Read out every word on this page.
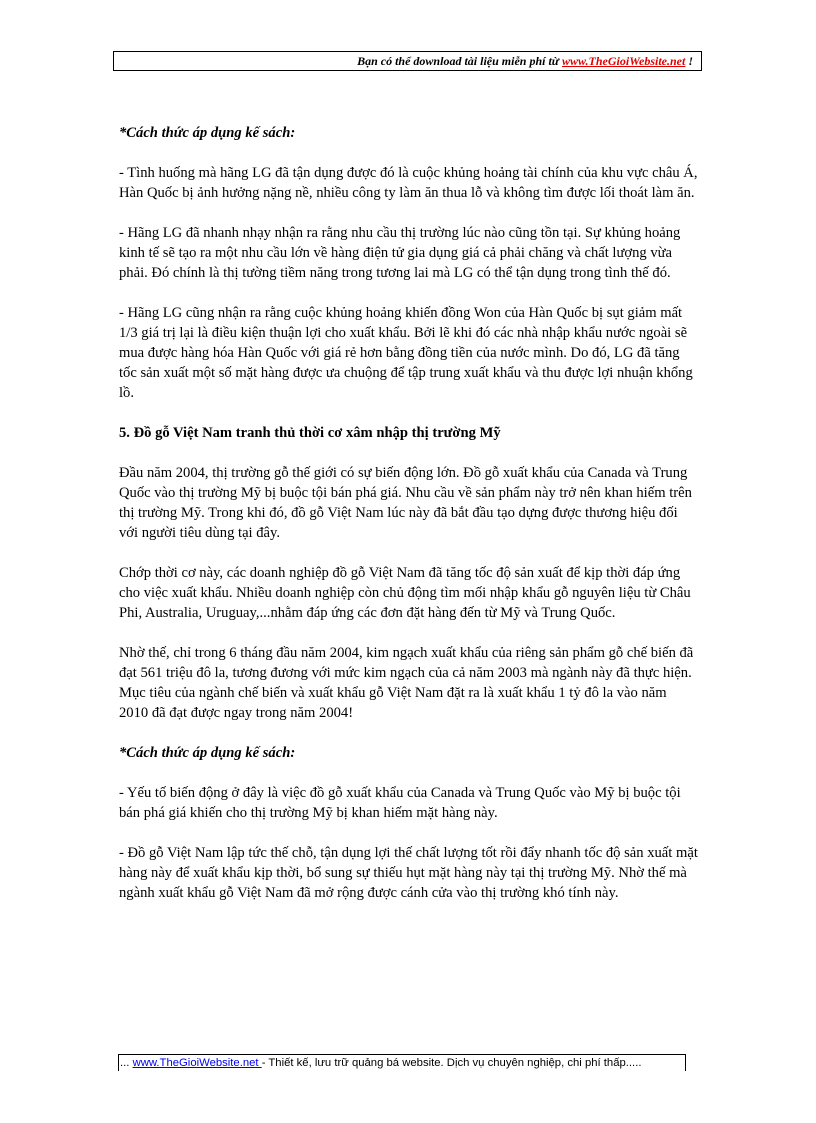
Bạn có thể download tài liệu miễn phí từ www.TheGioiWebsite.net !

*Cách thức áp dụng kế sách:

- Tình huống mà hãng LG đã tận dụng được đó là cuộc khủng hoảng tài chính của khu vực châu Á, Hàn Quốc bị ảnh hưởng nặng nề, nhiều công ty làm ăn thua lỗ và không tìm được lối thoát làm ăn.

- Hãng LG đã nhanh nhạy nhận ra rằng nhu cầu thị trường lúc nào cũng tồn tại. Sự khủng hoảng kinh tế sẽ tạo ra một nhu cầu lớn về hàng điện tử gia dụng giá cả phải chăng và chất lượng vừa phải. Đó chính là thị tường tiềm năng trong tương lai mà LG có thể tận dụng trong tình thế đó.

- Hãng LG cũng nhận ra rằng cuộc khủng hoảng khiến đồng Won của Hàn Quốc bị sụt giảm mất 1/3 giá trị lại là điều kiện thuận lợi cho xuất khẩu. Bởi lẽ khi đó các nhà nhập khẩu nước ngoài sẽ mua được hàng hóa Hàn Quốc với giá rẻ hơn bằng đồng tiền của nước mình. Do đó, LG đã tăng tốc sản xuất một số mặt hàng được ưa chuộng để tập trung xuất khẩu và thu được lợi nhuận khổng lồ.

5. Đồ gỗ Việt Nam tranh thủ thời cơ xâm nhập thị trường Mỹ

Đầu năm 2004, thị trường gỗ thế giới có sự biến động lớn. Đồ gỗ xuất khẩu của Canada và Trung Quốc vào thị trường Mỹ bị buộc tội bán phá giá. Nhu cầu về sản phẩm này trở nên khan hiếm trên thị trường Mỹ. Trong khi đó, đồ gỗ Việt Nam lúc này đã bắt đầu tạo dựng được thương hiệu đối với người tiêu dùng tại đây.

Chớp thời cơ này, các doanh nghiệp đồ gỗ Việt Nam đã tăng tốc độ sản xuất để kịp thời đáp ứng cho việc xuất khẩu. Nhiều doanh nghiệp còn chủ động tìm mối nhập khẩu gỗ nguyên liệu từ Châu Phi, Australia, Uruguay,...nhằm đáp ứng các đơn đặt hàng đến từ Mỹ và Trung Quốc.

Nhờ thế, chỉ trong 6 tháng đầu năm 2004, kim ngạch xuất khẩu của riêng sản phẩm gỗ chế biến đã đạt 561 triệu đô la, tương đương với mức kim ngạch của cả năm 2003 mà ngành này đã thực hiện. Mục tiêu của ngành chế biến và xuất khẩu gỗ Việt Nam đặt ra là xuất khẩu 1 tỷ đô la vào năm 2010 đã đạt được ngay trong năm 2004!

*Cách thức áp dụng kế sách:

- Yếu tố biến động ở đây là việc đồ gỗ xuất khẩu của Canada và Trung Quốc vào Mỹ bị buộc tội bán phá giá khiến cho thị trường Mỹ bị khan hiếm mặt hàng này.

- Đồ gỗ Việt Nam lập tức thế chỗ, tận dụng lợi thế chất lượng tốt rồi đẩy nhanh tốc độ sản xuất mặt hàng này để xuất khẩu kịp thời, bổ sung sự thiếu hụt mặt hàng này tại thị trường Mỹ. Nhờ thế mà ngành xuất khẩu gỗ Việt Nam đã mở rộng được cánh cửa vào thị trường khó tính này.

... www.TheGioiWebsite.net - Thiết kế, lưu trữ quảng bá website. Dịch vụ chuyên nghiệp, chi phí thấp.....
